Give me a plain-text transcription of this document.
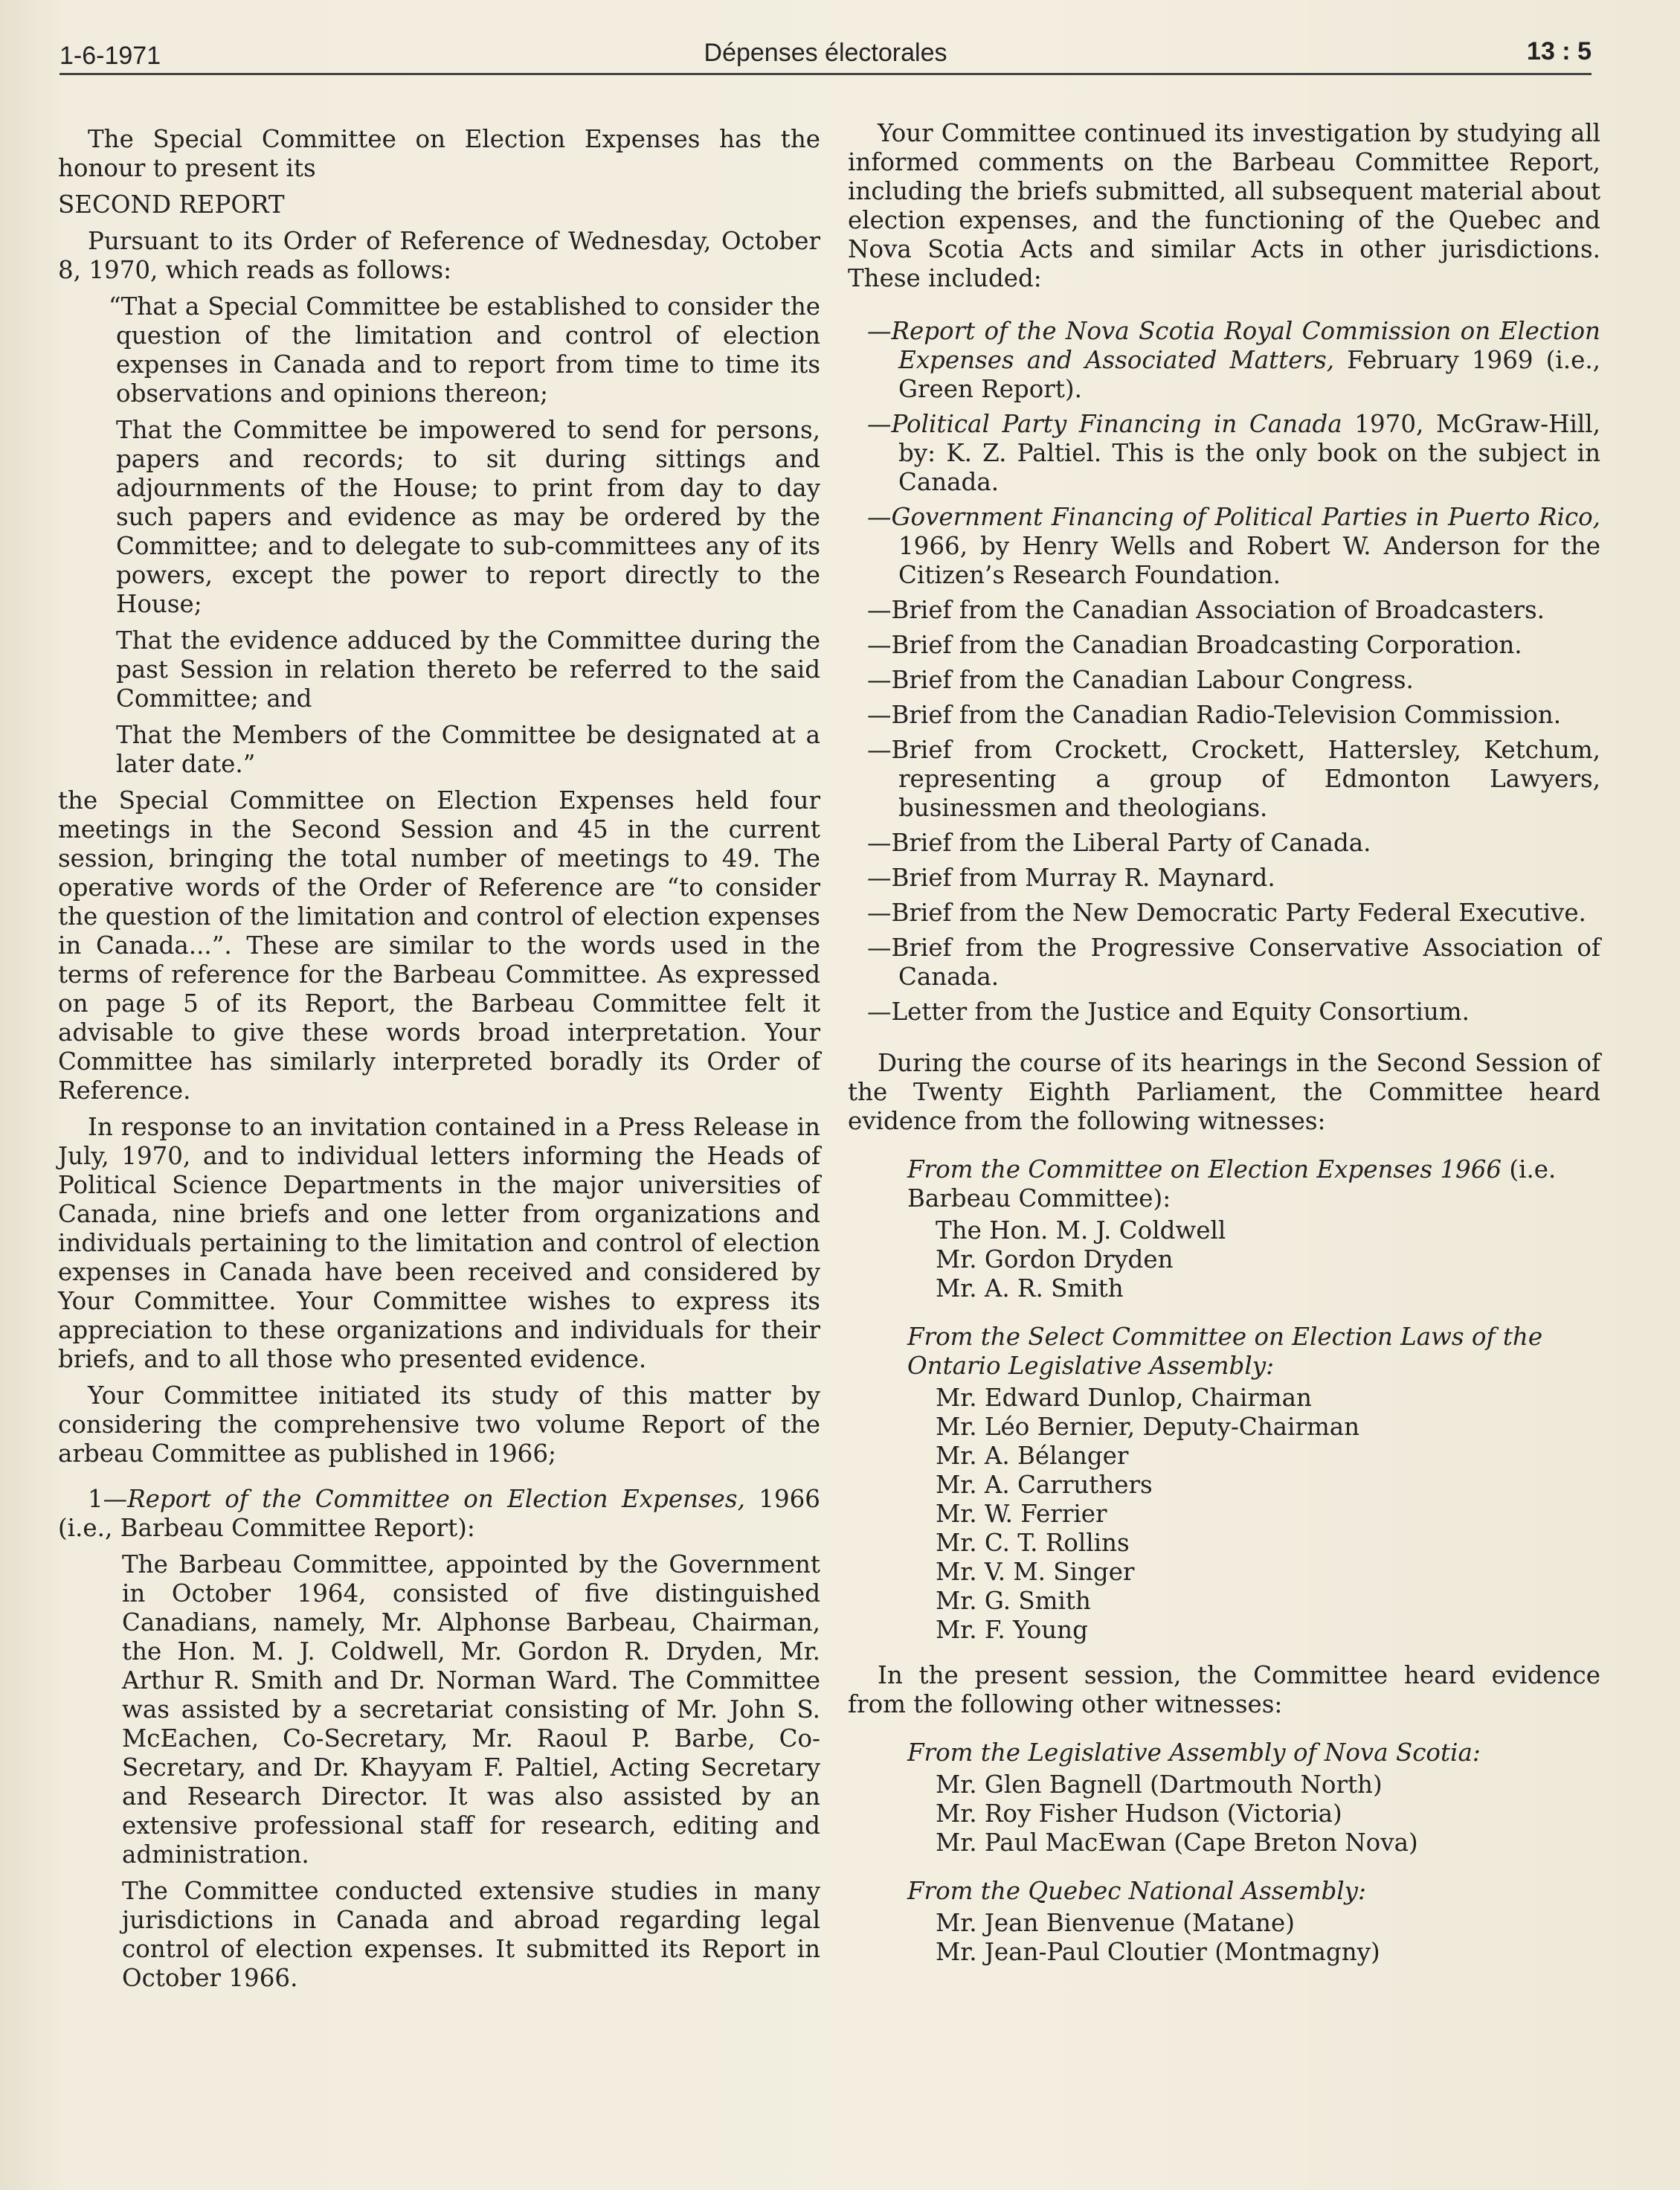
1-6-1971	Dépenses électorales	13 : 5

The Special Committee on Election Expenses has the honour to present its

SECOND REPORT

Pursuant to its Order of Reference of Wednesday, October 8, 1970, which reads as follows:

“That a Special Committee be established to consider the question of the limitation and control of election expenses in Canada and to report from time to time its observations and opinions thereon;

That the Committee be impowered to send for persons, papers and records; to sit during sittings and adjournments of the House; to print from day to day such papers and evidence as may be ordered by the Committee; and to delegate to sub-committees any of its powers, except the power to report directly to the House;

That the evidence adduced by the Committee during the past Session in relation thereto be referred to the said Committee; and

That the Members of the Committee be designated at a later date.”

the Special Committee on Election Expenses held four meetings in the Second Session and 45 in the current session, bringing the total number of meetings to 49. The operative words of the Order of Reference are “to consider the question of the limitation and control of election expenses in Canada...”. These are similar to the words used in the terms of reference for the Barbeau Committee. As expressed on page 5 of its Report, the Barbeau Committee felt it advisable to give these words broad interpretation. Your Committee has similarly interpreted boradly its Order of Reference.

In response to an invitation contained in a Press Release in July, 1970, and to individual letters informing the Heads of Political Science Departments in the major universities of Canada, nine briefs and one letter from organizations and individuals pertaining to the limitation and control of election expenses in Canada have been received and considered by Your Committee. Your Committee wishes to express its appreciation to these organizations and individuals for their briefs, and to all those who presented evidence.

Your Committee initiated its study of this matter by considering the comprehensive two volume Report of the arbeau Committee as published in 1966;

1—Report of the Committee on Election Expenses, 1966 (i.e., Barbeau Committee Report):

The Barbeau Committee, appointed by the Government in October 1964, consisted of five distinguished Canadians, namely, Mr. Alphonse Barbeau, Chairman, the Hon. M. J. Coldwell, Mr. Gordon R. Dryden, Mr. Arthur R. Smith and Dr. Norman Ward. The Committee was assisted by a secretariat consisting of Mr. John S. McEachen, Co-Secretary, Mr. Raoul P. Barbe, Co-Secretary, and Dr. Khayyam F. Paltiel, Acting Secretary and Research Director. It was also assisted by an extensive professional staff for research, editing and administration.

The Committee conducted extensive studies in many jurisdictions in Canada and abroad regarding legal control of election expenses. It submitted its Report in October 1966.

Your Committee continued its investigation by studying all informed comments on the Barbeau Committee Report, including the briefs submitted, all subsequent material about election expenses, and the functioning of the Quebec and Nova Scotia Acts and similar Acts in other jurisdictions. These included:

—Report of the Nova Scotia Royal Commission on Election Expenses and Associated Matters, February 1969 (i.e., Green Report).

—Political Party Financing in Canada 1970, McGraw-Hill, by: K. Z. Paltiel. This is the only book on the subject in Canada.

—Government Financing of Political Parties in Puerto Rico, 1966, by Henry Wells and Robert W. Anderson for the Citizen’s Research Foundation.

—Brief from the Canadian Association of Broadcasters.

—Brief from the Canadian Broadcasting Corporation.

—Brief from the Canadian Labour Congress.

—Brief from the Canadian Radio-Television Commission.

—Brief from Crockett, Crockett, Hattersley, Ketchum, representing a group of Edmonton Lawyers, businessmen and theologians.

—Brief from the Liberal Party of Canada.

—Brief from Murray R. Maynard.

—Brief from the New Democratic Party Federal Executive.

—Brief from the Progressive Conservative Association of Canada.

—Letter from the Justice and Equity Consortium.

During the course of its hearings in the Second Session of the Twenty Eighth Parliament, the Committee heard evidence from the following witnesses:

From the Committee on Election Expenses 1966 (i.e. Barbeau Committee):

The Hon. M. J. Coldwell

Mr. Gordon Dryden

Mr. A. R. Smith

From the Select Committee on Election Laws of the Ontario Legislative Assembly:

Mr. Edward Dunlop, Chairman

Mr. Léo Bernier, Deputy-Chairman

Mr. A. Bélanger

Mr. A. Carruthers

Mr. W. Ferrier

Mr. C. T. Rollins

Mr. V. M. Singer

Mr. G. Smith

Mr. F. Young

In the present session, the Committee heard evidence from the following other witnesses:

From the Legislative Assembly of Nova Scotia:

Mr. Glen Bagnell (Dartmouth North)

Mr. Roy Fisher Hudson (Victoria)

Mr. Paul MacEwan (Cape Breton Nova)

From the Quebec National Assembly:

Mr. Jean Bienvenue (Matane)

Mr. Jean-Paul Cloutier (Montmagny)
